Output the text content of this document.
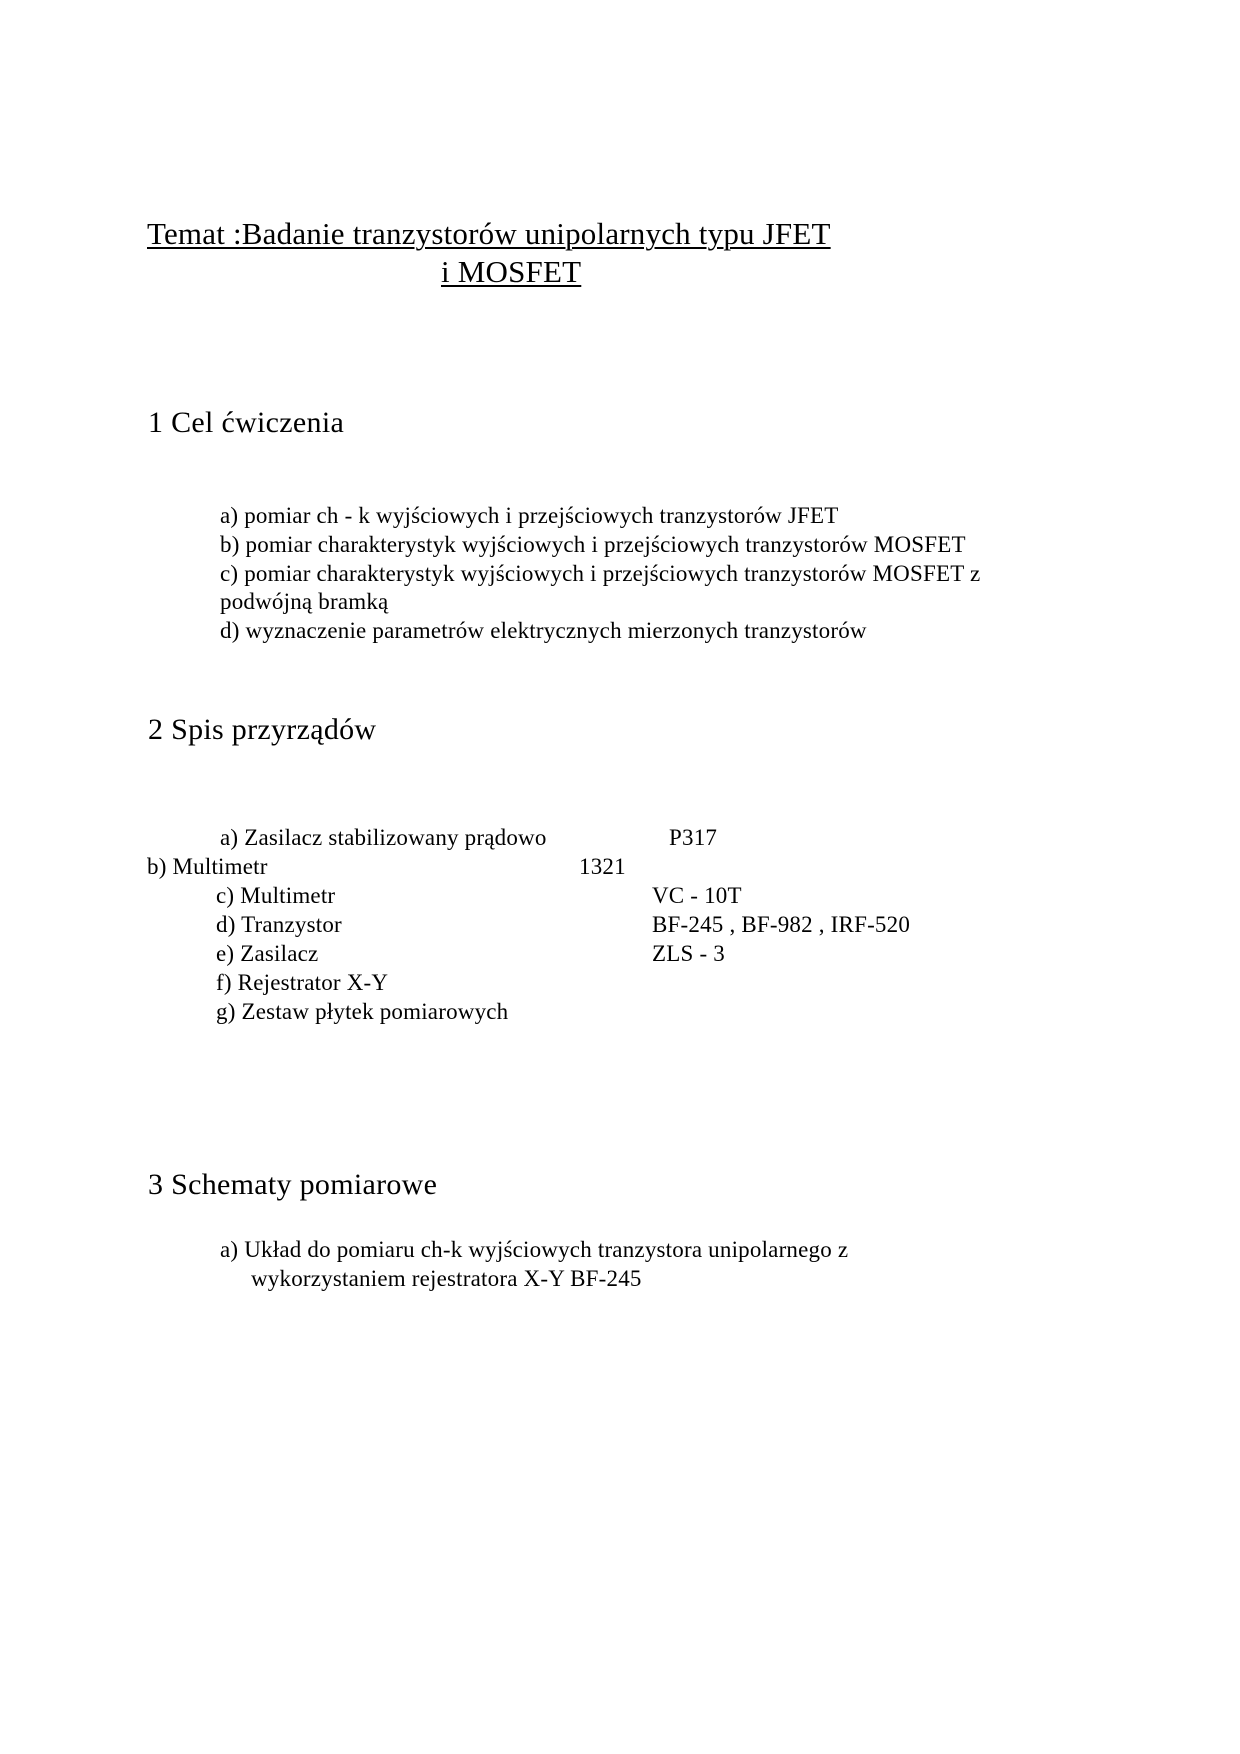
Temat :Badanie tranzystorów unipolarnych typu JFET
i MOSFET
1 Cel ćwiczenia
a) pomiar ch - k wyjściowych i przejściowych tranzystorów JFET
b) pomiar charakterystyk wyjściowych i przejściowych tranzystorów MOSFET
c) pomiar charakterystyk wyjściowych i przejściowych tranzystorów MOSFET z
podwójną bramką
d) wyznaczenie parametrów elektrycznych mierzonych tranzystorów
2 Spis przyrządów
a) Zasilacz stabilizowany prądowo	P317
b) Multimetr	1321
c) Multimetr	VC - 10T
d) Tranzystor	BF-245 , BF-982 , IRF-520
e) Zasilacz	ZLS - 3
f) Rejestrator X-Y
g) Zestaw płytek pomiarowych
3 Schematy pomiarowe
a) Układ do pomiaru ch-k wyjściowych tranzystora unipolarnego z
wykorzystaniem rejestratora X-Y BF-245
